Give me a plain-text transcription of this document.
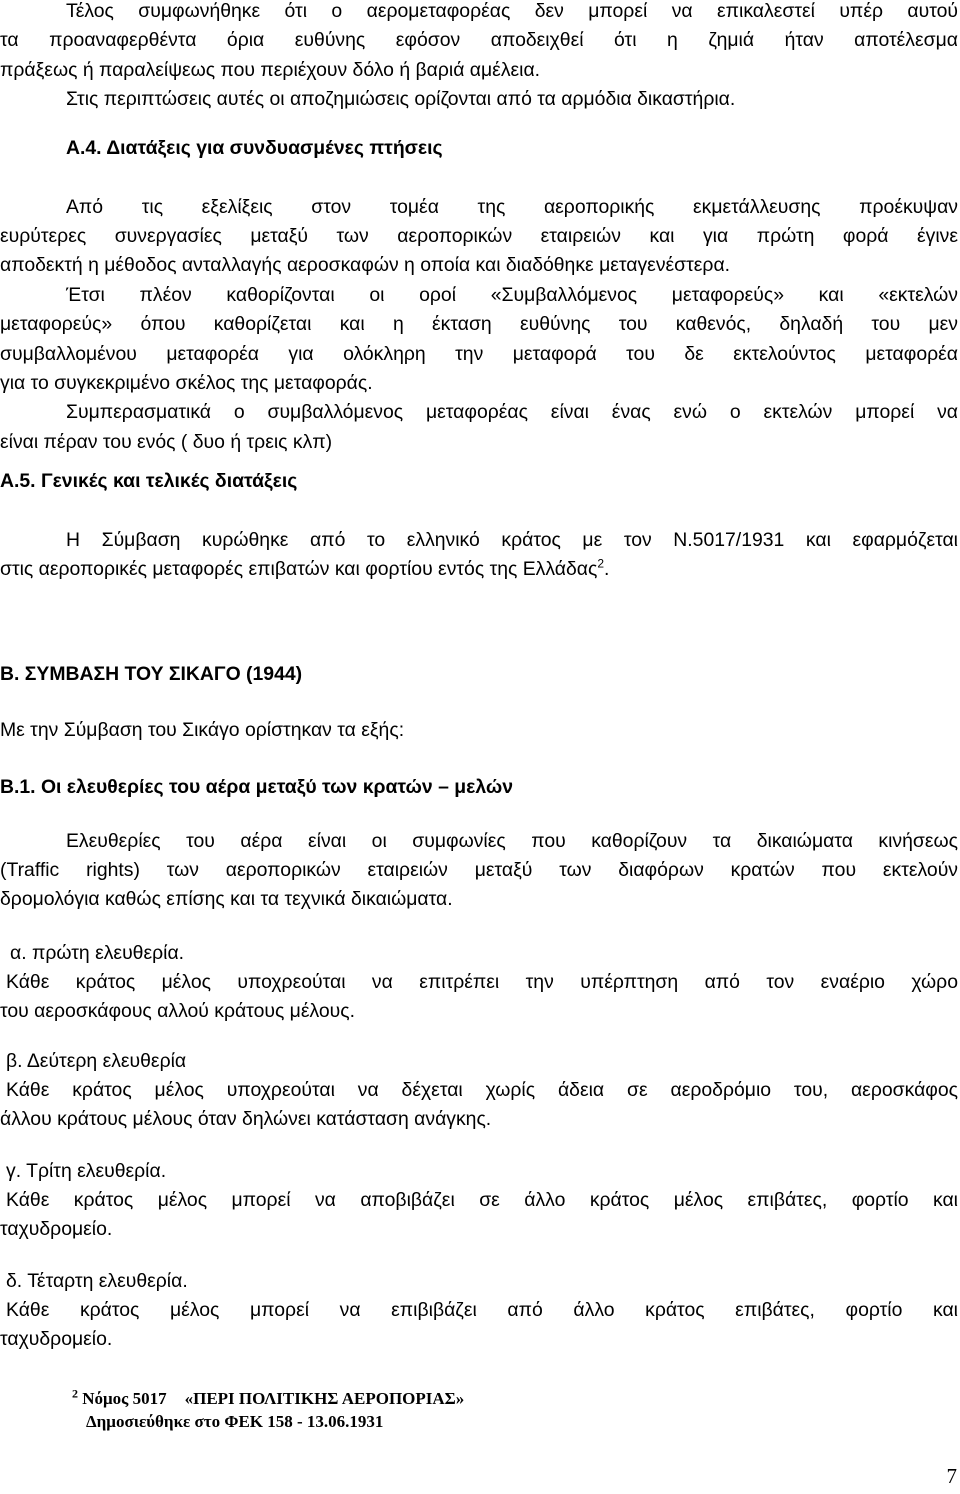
Τέλος συμφωνήθηκε ότι ο αερομεταφορέας δεν μπορεί να επικαλεστεί υπέρ αυτού
τα προαναφερθέντα όρια ευθύνης εφόσον αποδειχθεί ότι η ζημιά ήταν αποτέλεσμα
πράξεως ή παραλείψεως που περιέχουν δόλο ή βαριά αμέλεια.
Στις περιπτώσεις αυτές οι αποζημιώσεις ορίζονται από τα αρμόδια δικαστήρια.
Α.4. Διατάξεις για συνδυασμένες πτήσεις
Από τις εξελίξεις στον τομέα της αεροπορικής εκμετάλλευσης προέκυψαν
ευρύτερες συνεργασίες μεταξύ των αεροπορικών εταιρειών και για πρώτη φορά έγινε
αποδεκτή η μέθοδος ανταλλαγής αεροσκαφών η οποία και διαδόθηκε μεταγενέστερα.
Έτσι πλέον καθορίζονται οι οροί «Συμβαλλόμενος μεταφορεύς» και «εκτελών
μεταφορεύς» όπου καθορίζεται και η έκταση ευθύνης του καθενός, δηλαδή του μεν
συμβαλλομένου μεταφορέα για ολόκληρη την μεταφορά του δε εκτελούντος μεταφορέα
για το συγκεκριμένο σκέλος της μεταφοράς.
Συμπερασματικά ο συμβαλλόμενος μεταφορέας είναι ένας ενώ ο εκτελών μπορεί να
είναι πέραν του ενός ( δυο ή τρεις κλπ)
Α.5. Γενικές και τελικές διατάξεις
Η Σύμβαση κυρώθηκε από το ελληνικό κράτος με τον Ν.5017/1931 και εφαρμόζεται
στις αεροπορικές μεταφορές επιβατών και φορτίου εντός της Ελλάδας$^2$.
Β. ΣΥΜΒΑΣΗ ΤΟΥ ΣΙΚΑΓΟ (1944)
Με την Σύμβαση του Σικάγο ορίστηκαν τα εξής:
Β.1. Οι ελευθερίες του αέρα μεταξύ των κρατών – μελών
Ελευθερίες του αέρα είναι οι συμφωνίες που καθορίζουν τα δικαιώματα κινήσεως
(Traffic rights) των αεροπορικών εταιρειών μεταξύ των διαφόρων κρατών που εκτελούν
δρομολόγια καθώς επίσης και τα τεχνικά δικαιώματα.
α. πρώτη ελευθερία.
Κάθε κράτος μέλος υποχρεούται να επιτρέπει την υπέρπτηση από τον εναέριο χώρο
του αεροσκάφους αλλού κράτους μέλους.
β. Δεύτερη ελευθερία
Κάθε κράτος μέλος υποχρεούται να δέχεται χωρίς άδεια σε αεροδρόμιο του, αεροσκάφος
άλλου κράτους μέλους όταν δηλώνει κατάσταση ανάγκης.
γ. Τρίτη ελευθερία.
Κάθε κράτος μέλος μπορεί να αποβιβάζει σε άλλο κράτος μέλος επιβάτες, φορτίο και
ταχυδρομείο.
δ. Τέταρτη ελευθερία.
Κάθε κράτος μέλος μπορεί να επιβιβάζει από άλλο κράτος επιβάτες, φορτίο και
ταχυδρομείο.
$^2$ Νόμος 5017 «ΠΕΡΙ ΠΟΛΙΤΙΚΗΣ ΑΕΡΟΠΟΡΙΑΣ»
Δημοσιεύθηκε στο ΦΕΚ 158 - 13.06.1931
7
